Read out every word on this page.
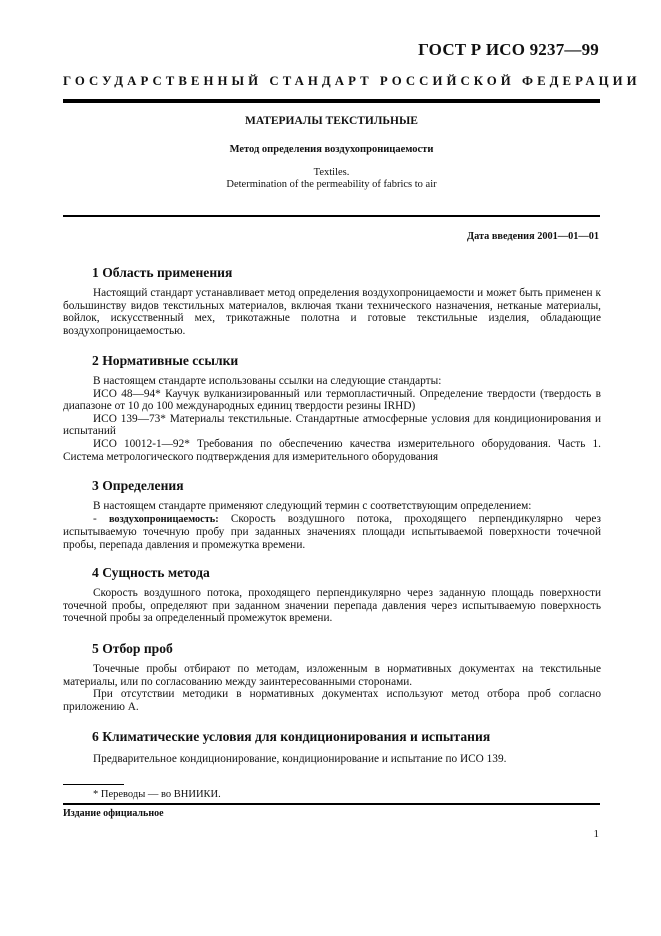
ГОСТ Р ИСО 9237—99
ГОСУДАРСТВЕННЫЙ СТАНДАРТ РОССИЙСКОЙ ФЕДЕРАЦИИ
МАТЕРИАЛЫ ТЕКСТИЛЬНЫЕ
Метод определения воздухопроницаемости
Textiles.
Determination of the permeability of fabrics to air
Дата введения 2001—01—01
1 Область применения

Настоящий стандарт устанавливает метод определения воздухопроницаемости и может быть применен к большинству видов текстильных материалов, включая ткани технического назначения, нетканые материалы, войлок, искусственный мех, трикотажные полотна и готовые текстильные изделия, обладающие воздухопроницаемостью.

2 Нормативные ссылки

В настоящем стандарте использованы ссылки на следующие стандарты:

ИСО 48—94* Каучук вулканизированный или термопластичный. Определение твердости (твердость в диапазоне от 10 до 100 международных единиц твердости резины IRHD)

ИСО 139—73* Материалы текстильные. Стандартные атмосферные условия для кондиционирования и испытаний

ИСО 10012-1—92* Требования по обеспечению качества измерительного оборудования. Часть 1. Система метрологического подтверждения для измерительного оборудования

3 Определения

В настоящем стандарте применяют следующий термин с соответствующим определением:

- воздухопроницаемость: Скорость воздушного потока, проходящего перпендикулярно через испытываемую точечную пробу при заданных значениях площади испытываемой поверхности точечной пробы, перепада давления и промежутка времени.

4 Сущность метода

Скорость воздушного потока, проходящего перпендикулярно через заданную площадь поверхности точечной пробы, определяют при заданном значении перепада давления через испытываемую поверхность точечной пробы за определенный промежуток времени.

5 Отбор проб

Точечные пробы отбирают по методам, изложенным в нормативных документах на текстильные материалы, или по согласованию между заинтересованными сторонами.

При отсутствии методики в нормативных документах используют метод отбора проб согласно приложению А.

6 Климатические условия для кондиционирования и испытания

Предварительное кондиционирование, кондиционирование и испытание по ИСО 139.

* Переводы — во ВНИИКИ.
Издание официальное
1
